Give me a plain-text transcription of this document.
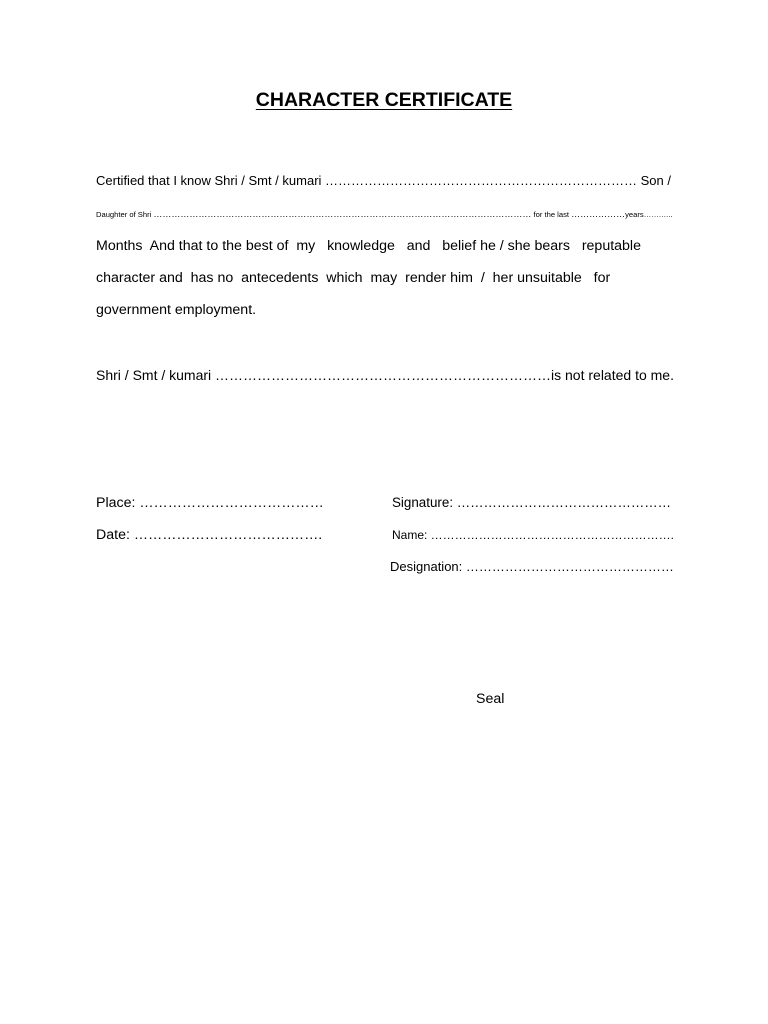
CHARACTER CERTIFICATE
Certified that I know Shri / Smt / kumari ……………………………………………………………… Son /
Daughter of Shri ……………………………………………………………………………………………………………… for the last ………………years…….…..
Months  And that to the best of  my   knowledge   and   belief he / she bears   reputable
character and  has no  antecedents  which  may  render him  /  her unsuitable   for
government employment.
Shri / Smt / kumari ………………………………………………………………is not related to me.
Place: …………………………………	Signature: …………………………………………
Date: ………………………………….	Name: …………………………………………………….
Designation: …………………………………………
Seal
